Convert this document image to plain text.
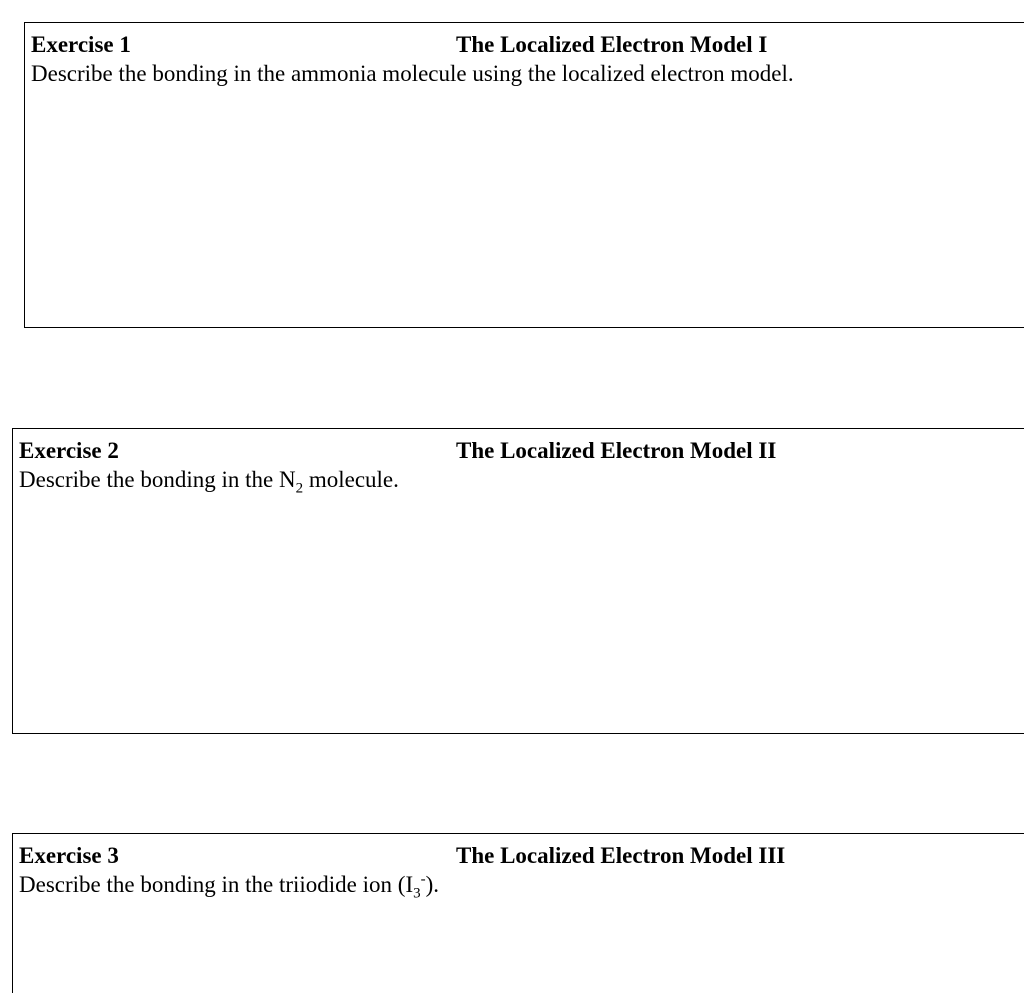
Exercise 1	The Localized Electron Model I
Describe the bonding in the ammonia molecule using the localized electron model.
Exercise 2	The Localized Electron Model II
Describe the bonding in the $N_2$ molecule.
Exercise 3	The Localized Electron Model III
Describe the bonding in the triiodide ion $(I_3^-)$.
